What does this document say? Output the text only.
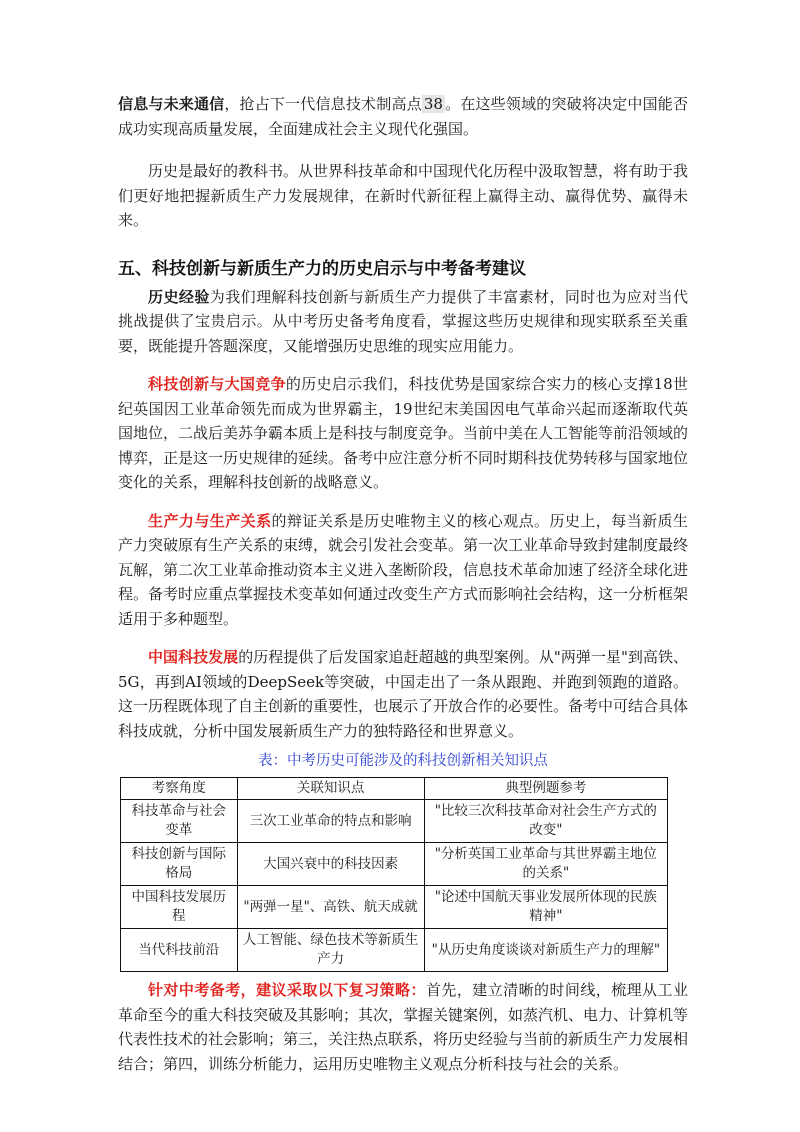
信息与未来通信，抢占下一代信息技术制高点 38 。在这些领域的突破将决定中国能否成功实现高质量发展，全面建成社会主义现代化强国。

历史是最好的教科书。从世界科技革命和中国现代化历程中汲取智慧，将有助于我们更好地把握新质生产力发展规律，在新时代新征程上赢得主动、赢得优势、赢得未来。

五、科技创新与新质生产力的历史启示与中考备考建议

历史经验为我们理解科技创新与新质生产力提供了丰富素材，同时也为应对当代挑战提供了宝贵启示。从中考历史备考角度看，掌握这些历史规律和现实联系至关重要，既能提升答题深度，又能增强历史思维的现实应用能力。

科技创新与大国竞争的历史启示我们，科技优势是国家综合实力的核心支撑18世纪英国因工业革命领先而成为世界霸主，19世纪末美国因电气革命兴起而逐渐取代英国地位，二战后美苏争霸本质上是科技与制度竞争。当前中美在人工智能等前沿领域的博弈，正是这一历史规律的延续。备考中应注意分析不同时期科技优势转移与国家地位变化的关系，理解科技创新的战略意义。

生产力与生产关系的辩证关系是历史唯物主义的核心观点。历史上，每当新质生产力突破原有生产关系的束缚，就会引发社会变革。第一次工业革命导致封建制度最终瓦解，第二次工业革命推动资本主义进入垄断阶段，信息技术革命加速了经济全球化进程。备考时应重点掌握技术变革如何通过改变生产方式而影响社会结构，这一分析框架适用于多种题型。

中国科技发展的历程提供了后发国家追赶超越的典型案例。从"两弹一星"到高铁、5G，再到AI领域的DeepSeek等突破，中国走出了一条从跟跑、并跑到领跑的道路。这一历程既体现了自主创新的重要性，也展示了开放合作的必要性。备考中可结合具体科技成就，分析中国发展新质生产力的独特路径和世界意义。

表：中考历史可能涉及的科技创新相关知识点
考察角度	关联知识点	典型例题参考
科技革命与社会变革	三次工业革命的特点和影响	"比较三次科技革命对社会生产方式的改变"
科技创新与国际格局	大国兴衰中的科技因素	"分析英国工业革命与其世界霸主地位的关系"
中国科技发展历程	"两弹一星"、高铁、航天成就	"论述中国航天事业发展所体现的民族精神"
当代科技前沿	人工智能、绿色技术等新质生产力	"从历史角度谈谈对新质生产力的理解"

针对中考备考，建议采取以下复习策略：首先，建立清晰的时间线，梳理从工业革命至今的重大科技突破及其影响；其次，掌握关键案例，如蒸汽机、电力、计算机等代表性技术的社会影响；第三，关注热点联系，将历史经验与当前的新质生产力发展相结合；第四，训练分析能力，运用历史唯物主义观点分析科技与社会的关系。
